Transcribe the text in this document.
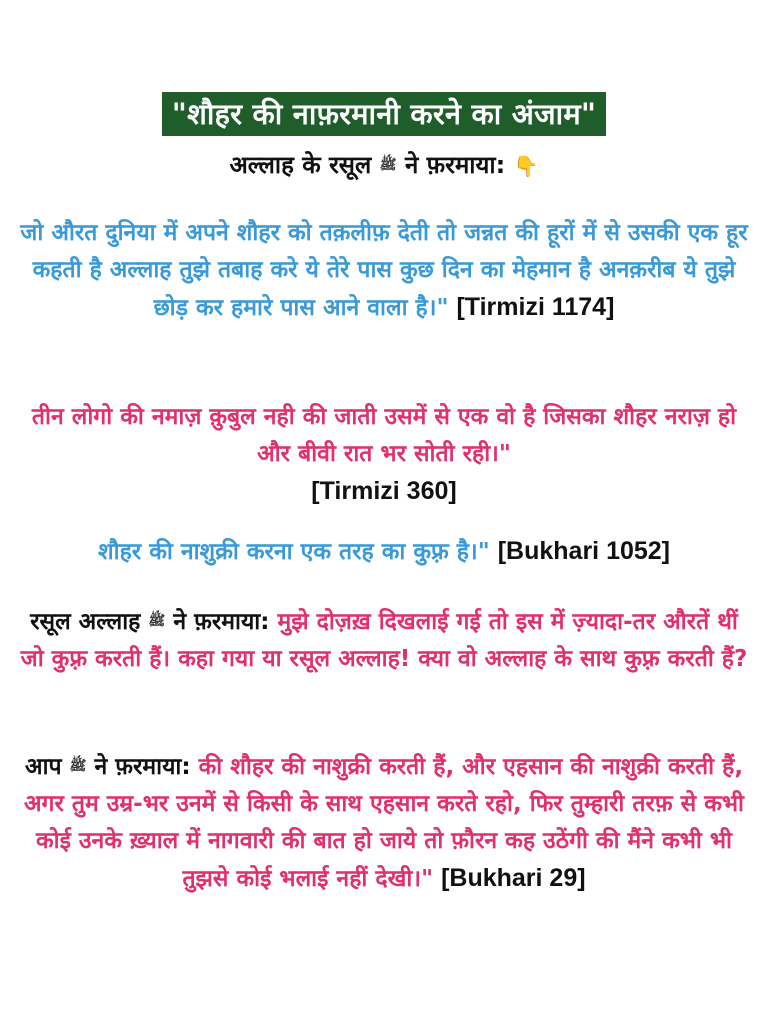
"शौहर की नाफ़रमानी करने का अंजाम"

अल्लाह के रसूल ﷺ ने फ़रमाया: 👇

जो औरत दुनिया में अपने शौहर को तक़लीफ़ देती तो जन्नत की हूरों में से उसकी एक हूर कहती है अल्लाह तुझे तबाह करे ये तेरे पास कुछ दिन का मेहमान है अनक़रीब ये तुझे छोड़ कर हमारे पास आने वाला है।" [Tirmizi 1174]

तीन लोगो की नमाज़ क़ुबुल नही की जाती उसमें से एक वो है जिसका शौहर नराज़ हो और बीवी रात भर सोती रही।"
[Tirmizi 360]

शौहर की नाशुक्री करना एक तरह का कुफ़्र है।" [Bukhari 1052]

रसूल अल्लाह ﷺ ने फ़रमाया: मुझे दोज़ख़ दिखलाई गई तो इस में ज़्यादा-तर औरतें थीं जो कुफ़्र करती हैं। कहा गया या रसूल अल्लाह! क्या वो अल्लाह के साथ कुफ़्र करती हैं?

आप ﷺ ने फ़रमाया: की शौहर की नाशुक्री करती हैं, और एहसान की नाशुक्री करती हैं, अगर तुम उम्र-भर उनमें से किसी के साथ एहसान करते रहो, फिर तुम्हारी तरफ़ से कभी कोई उनके ख़्याल में नागवारी की बात हो जाये तो फ़ौरन कह उठेंगी की मैंने कभी भी तुझसे कोई भलाई नहीं देखी।" [Bukhari 29]
